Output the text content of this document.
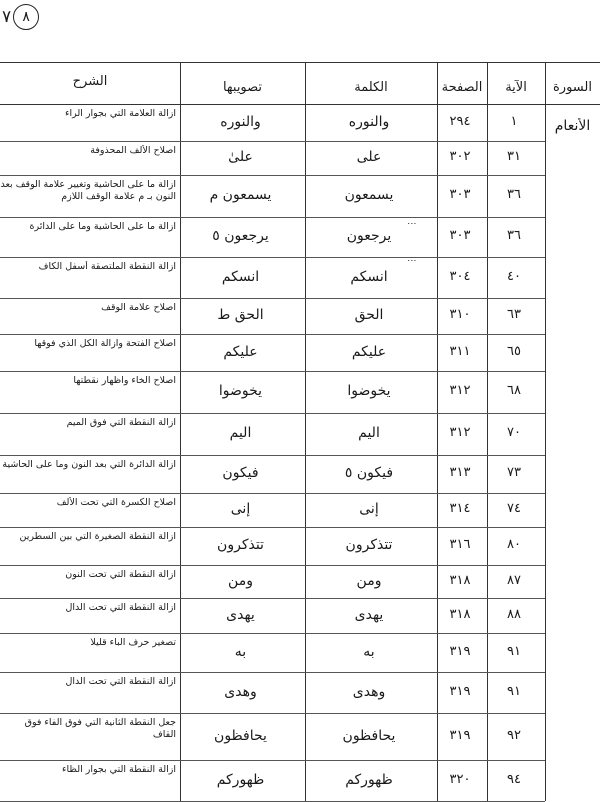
٧ ٨
السورة
الآية
الصفحة
الكلمة
تصويبها
الشرح
الأنعام
١
٢٩٤
والنوره
والنوره
ازالة العلامة التي بجوار الراء
٣١
٣٠٢
على
علىٰ
اصلاح الألف المحذوفة
٣٦
٣٠٣
يسمعون
يسمعون م
ازالة ما على الحاشية وتغيير علامة الوقف بعد النون بـ م علامة الوقف اللازم
٣٦
٣٠٣
يرجعون
يرجعون ٥
ازالة ما على الحاشية وما على الدائرة
٤٠
٣٠٤
انسكم
انسكم
ازالة النقطة الملتصقة أسفل الكاف
٦٣
٣١٠
الحق
الحق ط
اصلاح علامة الوقف
٦٥
٣١١
عليكم
عليكم
اصلاح الفتحة وازالة الكل الذي فوقها
٦٨
٣١٢
يخوضوا
يخوضوا
اصلاح الخاء واظهار نقطتها
٧٠
٣١٢
اليم
اليم
ازالة النقطة التي فوق الميم
٧٣
٣١٣
فيكون ٥
فيكون
ازالة الدائرة التي بعد النون وما على الحاشية
٧٤
٣١٤
إنى
إنى
اصلاح الكسرة التي تحت الألف
٨٠
٣١٦
تتذكرون
تتذكرون
ازالة النقطة الصغيرة التي بين السطرين
٨٧
٣١٨
ومن
ومن
ازالة النقطة التي تحت النون
٨٨
٣١٨
يهدى
يهدى
ازالة النقطة التي تحت الدال
٩١
٣١٩
به
به
تصغير حرف الباء قليلا
٩١
٣١٩
وهدى
وهدى
ازالة النقطة التي تحت الدال
٩٢
٣١٩
يحافظون
يحافظون
جعل النقطة الثانية التي فوق الفاء فوق القاف
٩٤
٣٢٠
ظهوركم
ظهوركم
ازالة النقطة التي بجوار الظاء
⋮
⋮
